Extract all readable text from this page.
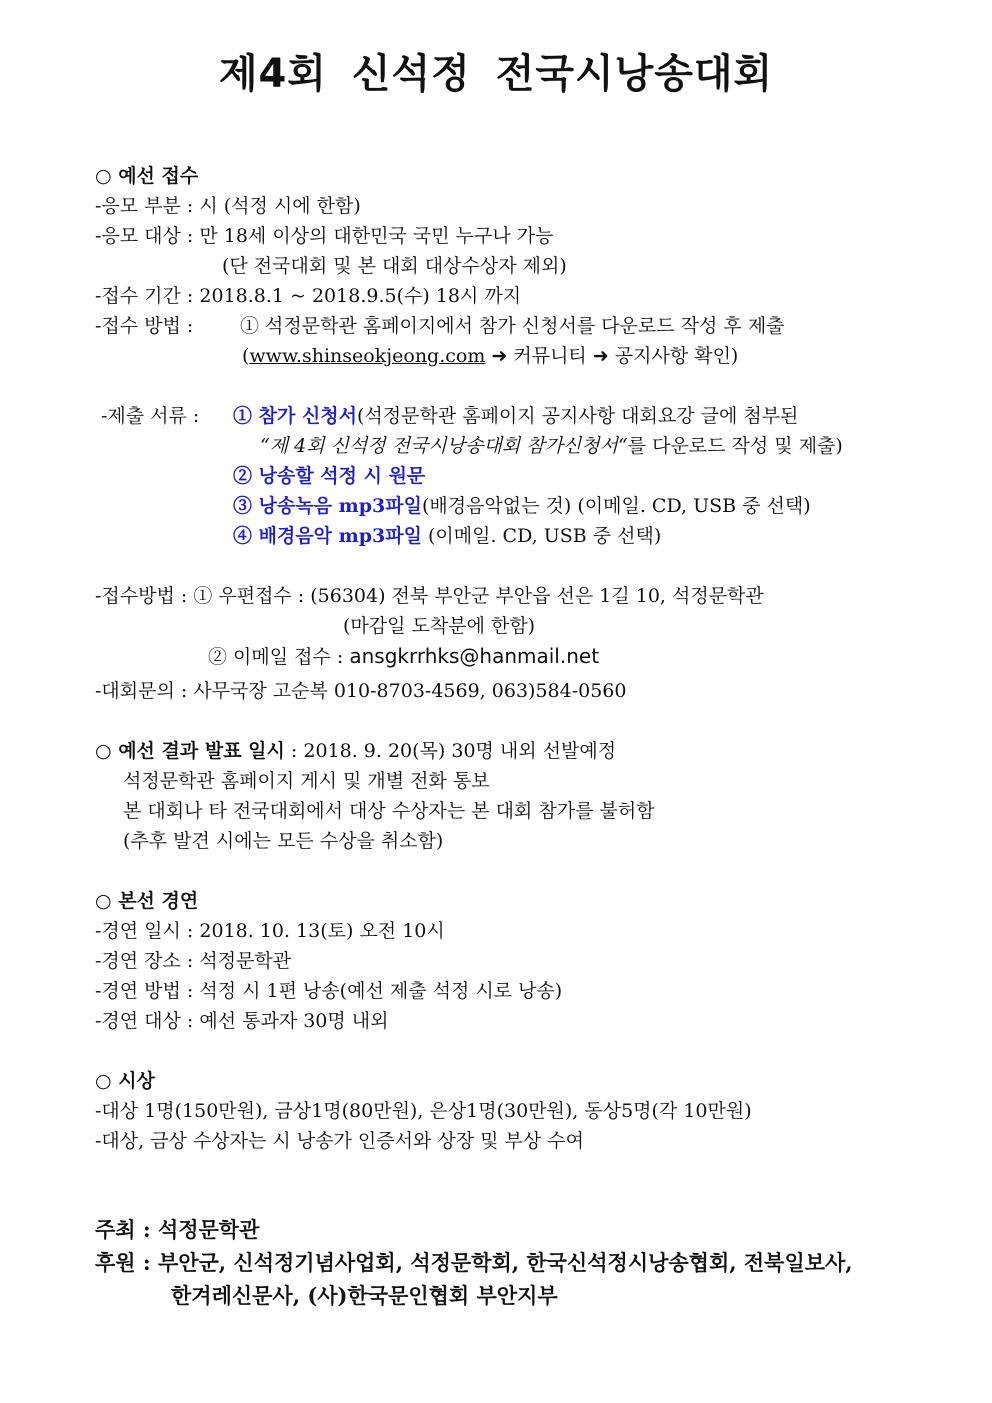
제4회 신석정 전국시낭송대회
○ 예선 접수
-응모 부분 : 시 (석정 시에 한함)
-응모 대상 : 만 18세 이상의 대한민국 국민 누구나 가능
(단 전국대회 및 본 대회 대상수상자 제외)
-접수 기간 : 2018.8.1 ~ 2018.9.5(수) 18시 까지
-접수 방법 : ① 석정문학관 홈페이지에서 참가 신청서를 다운로드 작성 후 제출
(www.shinseokjeong.com ➜ 커뮤니티 ➜ 공지사항 확인)
-제출 서류 : ① 참가 신청서(석정문학관 홈페이지 공지사항 대회요강 글에 첨부된
“제 4회 신석정 전국시낭송대회 참가신청서“를 다운로드 작성 및 제출)
② 낭송할 석정 시 원문
③ 낭송녹음 mp3파일(배경음악없는 것) (이메일. CD, USB 중 선택)
④ 배경음악 mp3파일 (이메일. CD, USB 중 선택)
-접수방법 : ① 우편접수 : (56304) 전북 부안군 부안읍 선은 1길 10, 석정문학관
(마감일 도착분에 한함)
② 이메일 접수 : ansgkrrhks@hanmail.net
-대회문의 : 사무국장 고순복 010-8703-4569, 063)584-0560
○ 예선 결과 발표 일시 : 2018. 9. 20(목) 30명 내외 선발예정
석정문학관 홈페이지 게시 및 개별 전화 통보
본 대회나 타 전국대회에서 대상 수상자는 본 대회 참가를 불허함
(추후 발견 시에는 모든 수상을 취소함)
○ 본선 경연
-경연 일시 : 2018. 10. 13(토) 오전 10시
-경연 장소 : 석정문학관
-경연 방법 : 석정 시 1편 낭송(예선 제출 석정 시로 낭송)
-경연 대상 : 예선 통과자 30명 내외
○ 시상
-대상 1명(150만원), 금상1명(80만원), 은상1명(30만원), 동상5명(각 10만원)
-대상, 금상 수상자는 시 낭송가 인증서와 상장 및 부상 수여
주최 : 석정문학관
후원 : 부안군, 신석정기념사업회, 석정문학회, 한국신석정시낭송협회, 전북일보사,
한겨레신문사, (사)한국문인협회 부안지부
